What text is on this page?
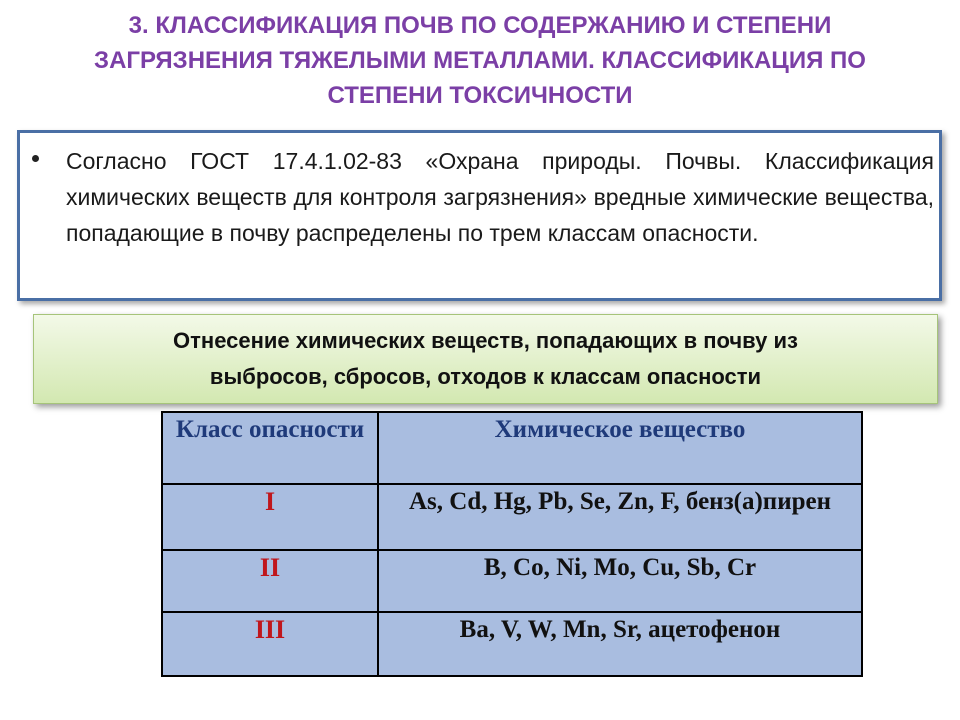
3. КЛАССИФИКАЦИЯ ПОЧВ ПО СОДЕРЖАНИЮ И СТЕПЕНИ ЗАГРЯЗНЕНИЯ ТЯЖЕЛЫМИ МЕТАЛЛАМИ. КЛАССИФИКАЦИЯ ПО СТЕПЕНИ ТОКСИЧНОСТИ
Согласно ГОСТ 17.4.1.02-83 «Охрана природы. Почвы. Классификация химических веществ для контроля загрязнения» вредные химические вещества, попадающие в почву распределены по трем классам опасности.
Отнесение химических веществ, попадающих в почву из
выбросов, сбросов, отходов к классам опасности
Класс опасности	Химическое вещество
I	As, Cd, Hg, Pb, Se, Zn, F, бенз(а)пирен
II	B, Co, Ni, Mo, Cu, Sb, Cr
III	Ba, V, W, Mn, Sr, ацетофенон
